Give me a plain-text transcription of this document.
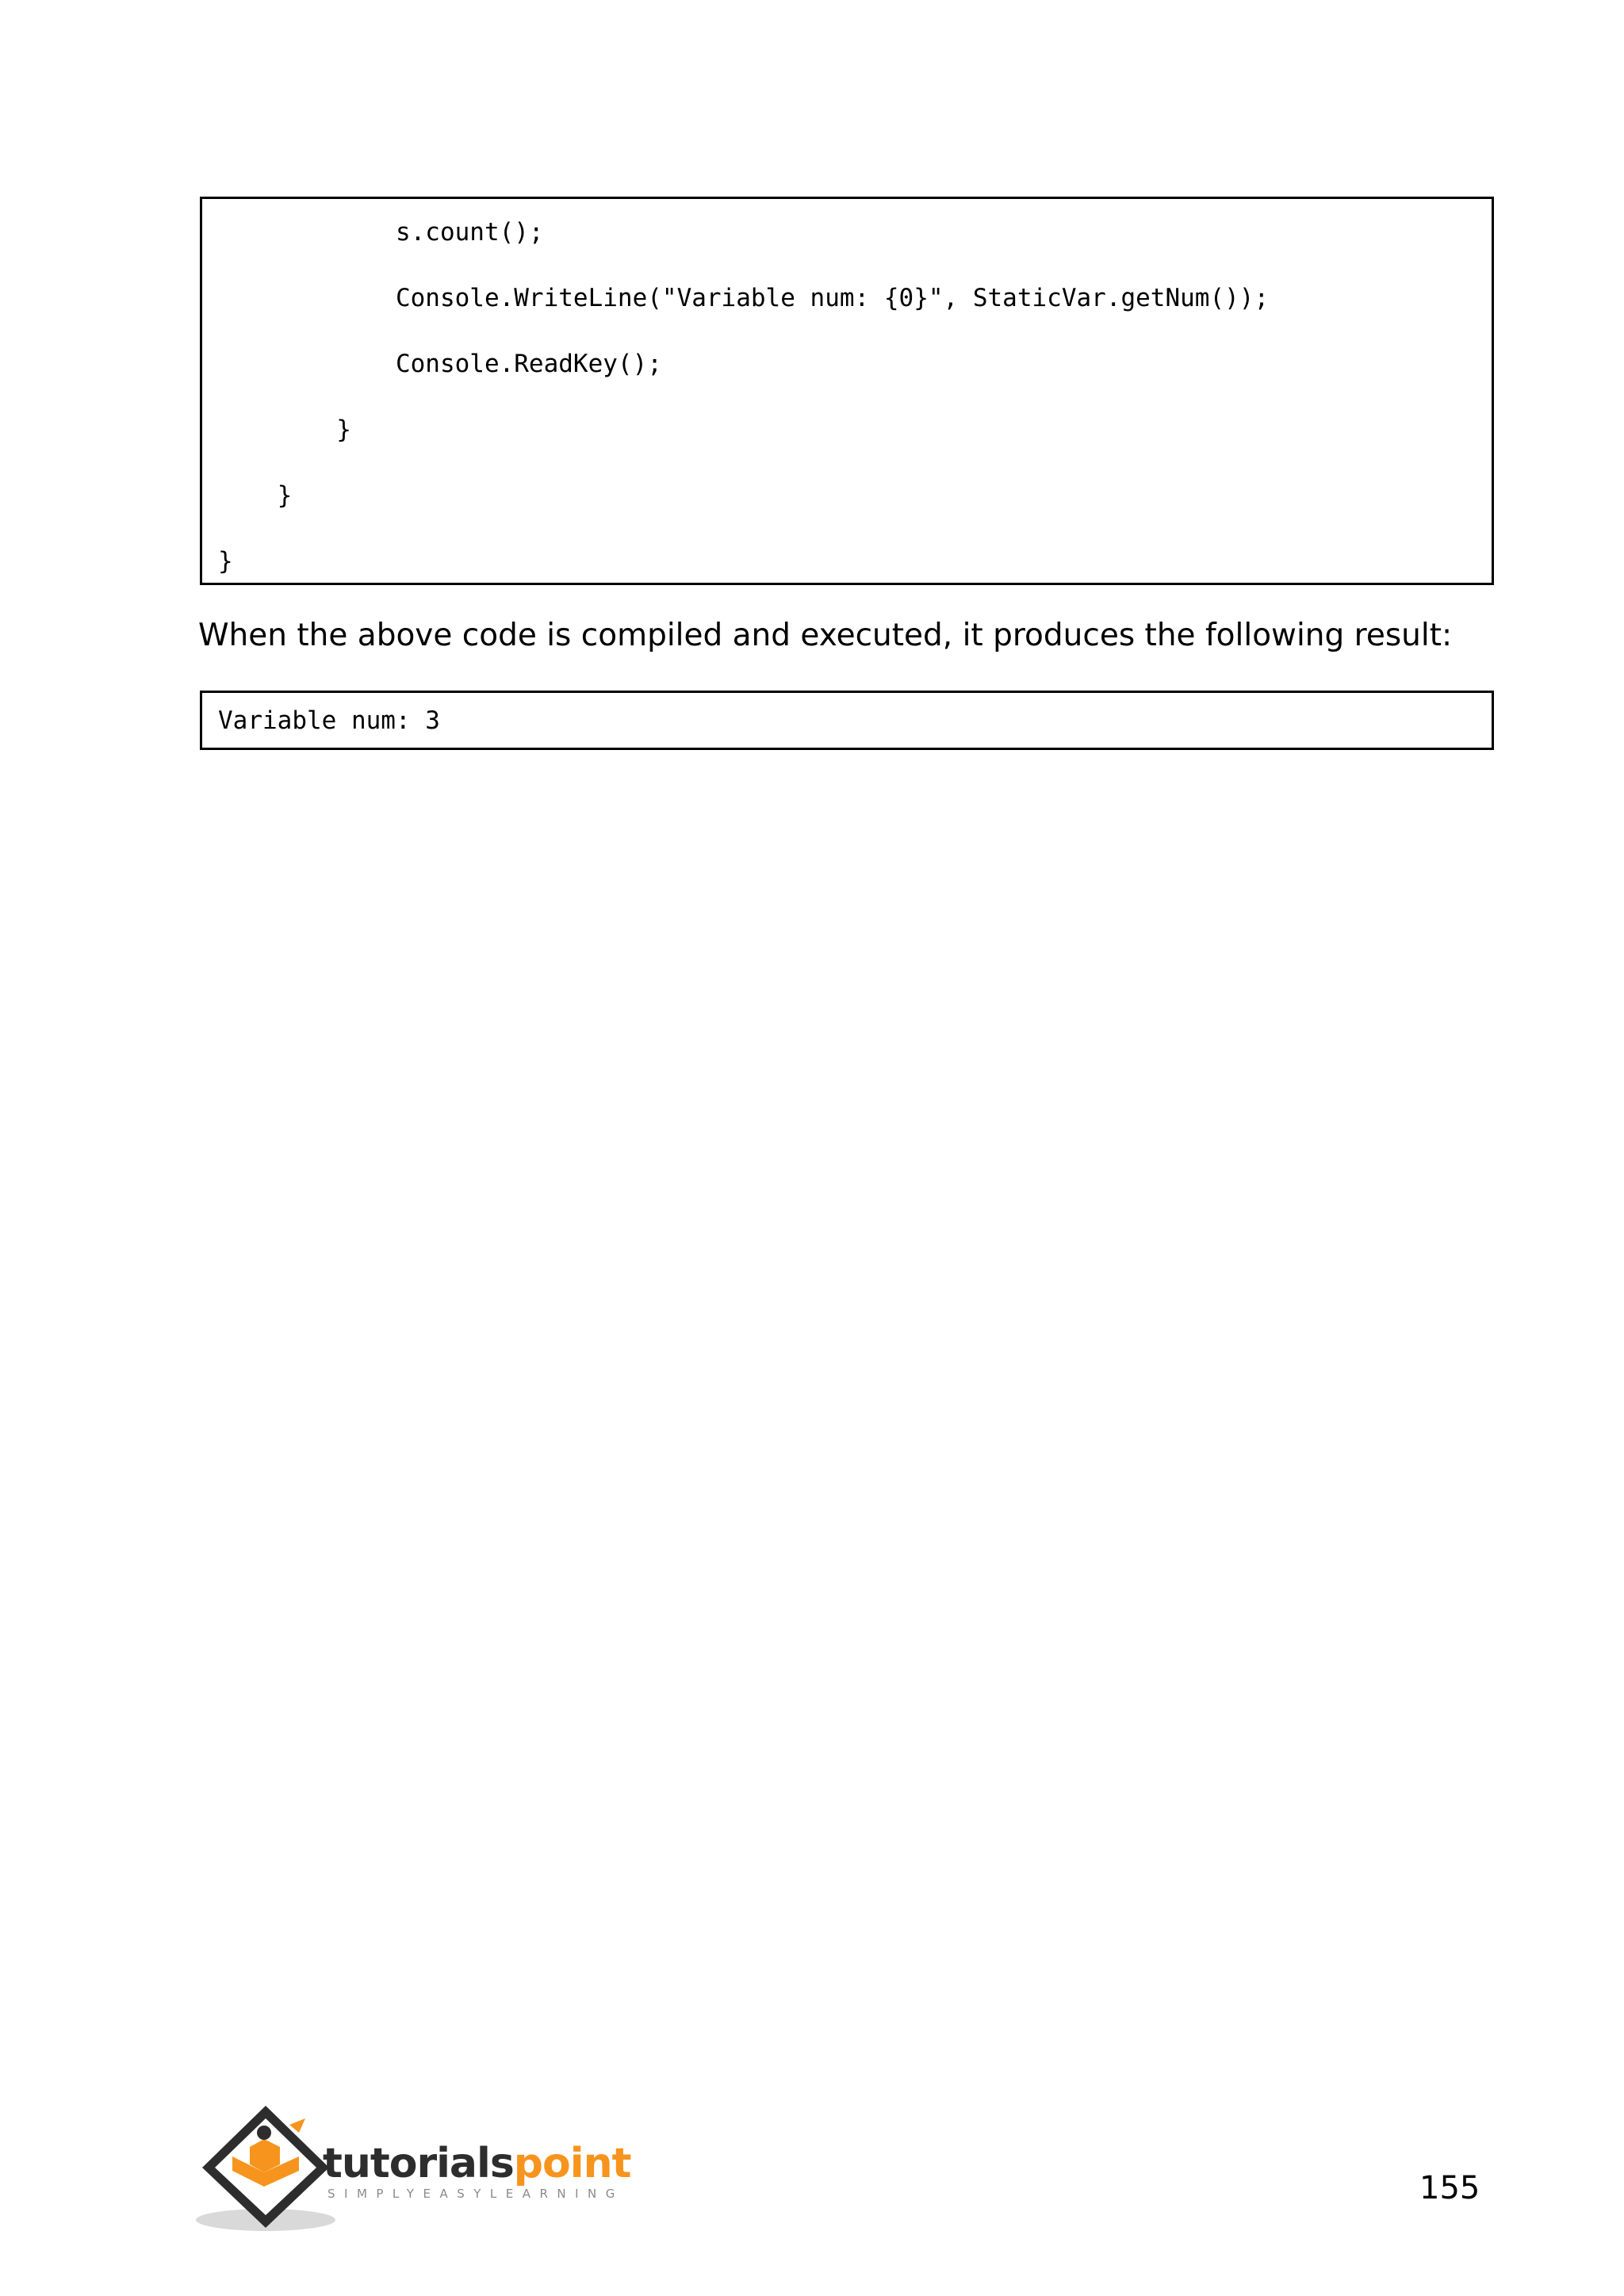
s.count();
Console.WriteLine("Variable num: {0}", StaticVar.getNum());
Console.ReadKey();
}
}
}
When the above code is compiled and executed, it produces the following result:
Variable num: 3
tutorialspoint
SIMPLYEASYLEARNING	155
